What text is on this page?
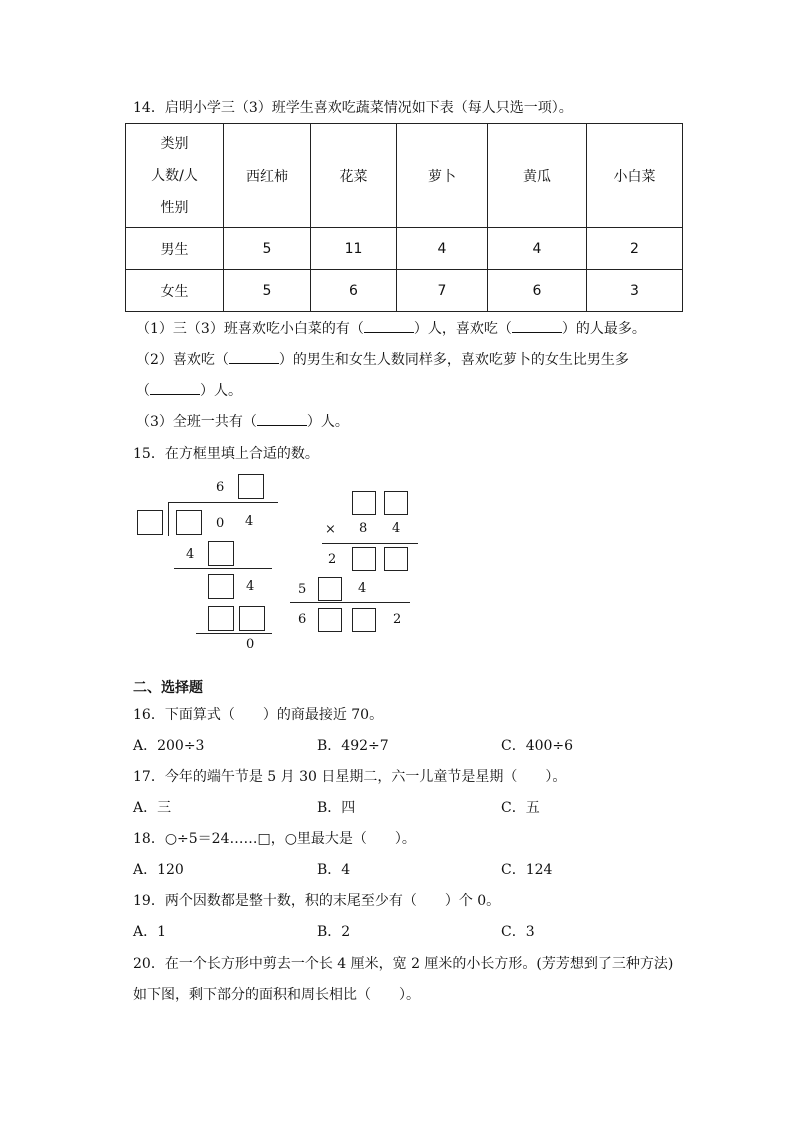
14．启明小学三（3）班学生喜欢吃蔬菜情况如下表（每人只选一项）。
类别
人数/人
性别	西红柿	花菜	萝卜	黄瓜	小白菜
男生	5	11	4	4	2
女生	5	6	7	6	3
（1）三（3）班喜欢吃小白菜的有（	）人，喜欢吃（	）的人最多。
（2）喜欢吃（	）的男生和女生人数同样多，喜欢吃萝卜的女生比男生多
（	）人。
（3）全班一共有（	）人。
15．在方框里填上合适的数。
6
0 4
4
4
0
× 8 4
2
5	4
6	2
二、选择题
16．下面算式（　　）的商最接近 70。
A．200÷3	B．492÷7	C．400÷6
17．今年的端午节是 5 月 30 日星期二，六一儿童节是星期（　　）。
A．三	B．四	C．五
18．○÷5＝24……□，○里最大是（　　）。
A．120	B．4	C．124
19．两个因数都是整十数，积的末尾至少有（　　）个 0。
A．1	B．2	C．3
20．在一个长方形中剪去一个长 4 厘米，宽 2 厘米的小长方形。(芳芳想到了三种方法)
如下图，剩下部分的面积和周长相比（　　）。
